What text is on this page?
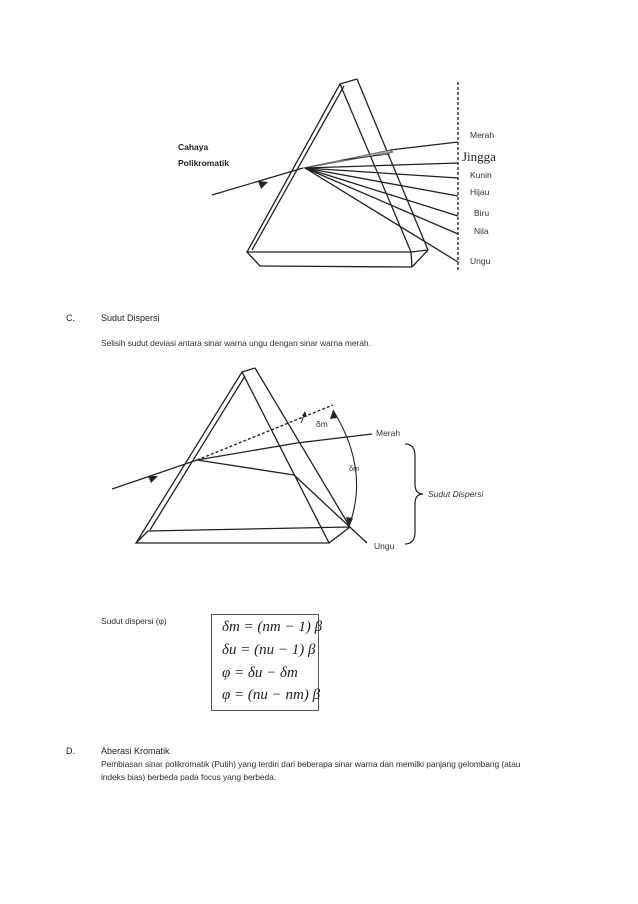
Cahaya
Polikromatik
Merah
Jingga
Kunin
Hijau
Biru
Nila
Ungu
C.	Sudut Dispersi
Selisih sudut deviasi antara sinar warna ungu dengan sinar warna merah.
δm
Merah
δm
Sudut Dispersi
Ungu
Sudut dispersi (φ)	δm = (nm − 1) β
δu = (nu − 1) β
φ = δu − δm
φ = (nu − nm) β
D.	Aberasi Kromatik
Pembiasan sinar polikromatik (Putih) yang terdiri dari beberapa sinar warna dan memilki panjang gelombang (atau
indeks bias) berbeda pada focus yang berbeda.
